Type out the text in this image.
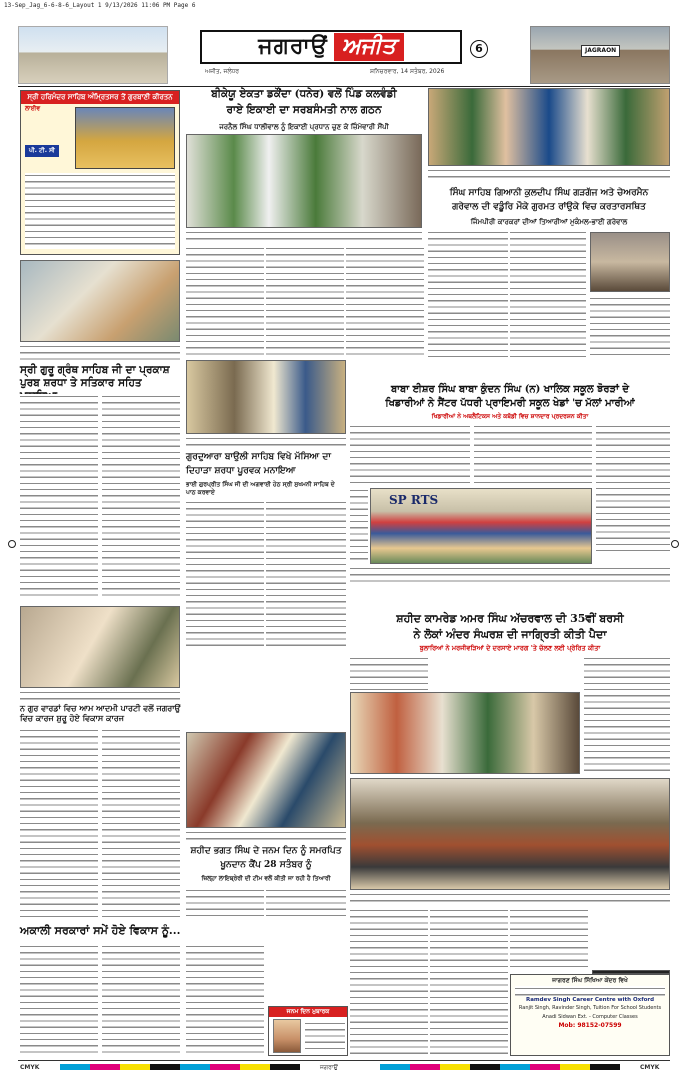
13-Sep_Jag_6-6-8-6_Layout 1 9/13/2026 11:06 PM Page 6
ਜਗਰਾਉਂ ਅਜੀਤ	6
ਅਜੀਤ, ਜਲੰਧਰ	ਸ਼ਨਿਚਰਵਾਰ, 14 ਸਤੰਬਰ, 2026
JAGRAON
ਸ੍ਰੀ ਹਰਿਮੰਦਰ ਸਾਹਿਬ ਅੰਮ੍ਰਿਤਸਰ ਤੋਂ ਗੁਰਬਾਣੀ ਕੀਰਤਨ
ਲਾਈਵ
ਪੀ. ਟੀ. ਸੀ
ਸ੍ਰੀ ਗੁਰੂ ਗ੍ਰੰਥ ਸਾਹਿਬ ਜੀ ਦਾ ਪ੍ਰਕਾਸ਼ ਪੁਰਬ ਸ਼ਰਧਾ ਤੇ ਸਤਿਕਾਰ ਸਹਿਤ
ਨ ਗੁਰ ਵਾਰਡਾਂ ਵਿਚ ਆਮ ਆਦਮੀ ਪਾਰਟੀ ਵਲੋਂ ਜਗਰਾਉਂ ਵਿਚ ਕਾਰਜ ਸ਼ੁਰੂ ਹੋਏ ਵਿਕਾਸ ਕਾਰਜ
ਅਕਾਲੀ ਸਰਕਾਰਾਂ ਸਮੇਂ ਹੋਏ ਵਿਕਾਸ ਨੂੰ...
ਬੀਕੇਯੂ ਏਕਤਾ ਡਕੌਂਦਾ (ਧਨੇਰ) ਵਲੋਂ ਪਿੰਡ ਕਲਵੰਡੀ
ਰਾਏ ਇਕਾਈ ਦਾ ਸਰਬਸੰਮਤੀ ਨਾਲ ਗਠਨ
ਜਰਨੈਲ ਸਿੰਘ ਧਾਲੀਵਾਲ ਨੂੰ ਇਕਾਈ ਪ੍ਰਧਾਨ ਚੁਣ ਕੇ ਜ਼ਿੰਮੇਵਾਰੀ ਸੌਂਪੀ
ਸਿੰਘ ਸਾਹਿਬ ਗਿਆਨੀ ਕੁਲਦੀਪ ਸਿੰਘ ਗੜਗੱਜ ਅਤੇ ਚੇਅਰਮੈਨ
ਗਰੇਵਾਲ ਦੀ ਵਡੂੰਰਿ ਮੌਕੇ ਗੁਰਮਤ ਰਾਂਉਕੇ ਵਿਚ ਕਰਤਾਰਸਥਿਤ
ਜਿੰਮਪੀਰੀ ਕਾਰਕਰਾਂ ਦੀਆਂ ਤਿਆਰੀਆਂ ਮੁਕੰਮਲ-ਭਾਈ ਗਰੇਵਾਲ
ਬਾਬਾ ਈਸ਼ਰ ਸਿੰਘ ਬਾਬਾ ਕੁੰਦਨ ਸਿੰਘ (ਨ) ਖਾਲਿਕ ਸਕੂਲ ਝੋਰੜਾਂ ਦੇ
ਖਿਡਾਰੀਆਂ ਨੇ ਸੈਂਟਰ ਪੱਧਰੀ ਪ੍ਰਾਇਮਰੀ ਸਕੂਲ ਖੇਡਾਂ 'ਚ ਮੱਲਾਂ ਮਾਰੀਆਂ
ਖਿਡਾਰੀਆਂ ਨੇ ਅਥਲੈਟਿਕਸ ਅਤੇ ਕਬੱਡੀ ਵਿਚ ਸ਼ਾਨਦਾਰ ਪ੍ਰਦਰਸ਼ਨ ਕੀਤਾ
SP RTS
ਗੁਰਦੁਆਰਾ ਬਾਉਲੀ ਸਾਹਿਬ ਵਿਖੇ ਮੱਸਿਆ ਦਾ
ਦਿਹਾੜਾ ਸ਼ਰਧਾ ਪੂਰਵਕ ਮਨਾਇਆ
ਭਾਈ ਗੁਰਪ੍ਰੀਤ ਸਿੰਘ ਜੀ ਦੀ ਅਗਵਾਈ ਹੇਠ ਸ੍ਰੀ ਸੁਖਮਨੀ ਸਾਹਿਬ ਦੇ ਪਾਠ ਕਰਵਾਏ
ਸ਼ਹੀਦ ਕਾਮਰੇਡ ਅਮਰ ਸਿੰਘ ਅੱਚਰਵਾਲ ਦੀ 35ਵੀਂ ਬਰਸੀ
ਨੇ ਲੋਕਾਂ ਅੰਦਰ ਸੰਘਰਸ਼ ਦੀ ਜਾਗ੍ਰਿਤੀ ਕੀਤੀ ਪੈਦਾ
ਬੁਲਾਰਿਆਂ ਨੇ ਮਰਜੀਵੜਿਆਂ ਦੇ ਦਰਸਾਏ ਮਾਰਗ 'ਤੇ ਚੱਲਣ ਲਈ ਪ੍ਰੇਰਿਤ ਕੀਤਾ
ਸ਼ਹੀਦ ਭਗਤ ਸਿੰਘ ਦੇ ਜਨਮ ਦਿਨ ਨੂੰ ਸਮਰਪਿਤ
ਖੂਨਦਾਨ ਕੈਂਪ 28 ਸਤੰਬਰ ਨੂੰ
ਜ਼ਿਲ੍ਹਾ ਲਾਇਬ੍ਰੇਰੀ ਦੀ ਟੀਮ ਵਲੋਂ ਕੀਤੀ ਜਾ ਰਹੀ ਹੈ ਤਿਆਰੀ
ਜਨਮ ਦਿਨ ਮੁਬਾਰਕ
ਜਾਗਰਣ ਸਿੰਘ ਸਿੱਖਿਆ ਕੇਂਦਰ ਵਿਖੇ
Ramdev Singh Career Centre with Oxford
Ranjit Singh, Ravinder Singh, Tuition For School Students
Anadi Sidwan Ext. - Computer Classes
Mob: 98152-07599
CMYK	ਜਗਰਾਉਂ	CMYK
